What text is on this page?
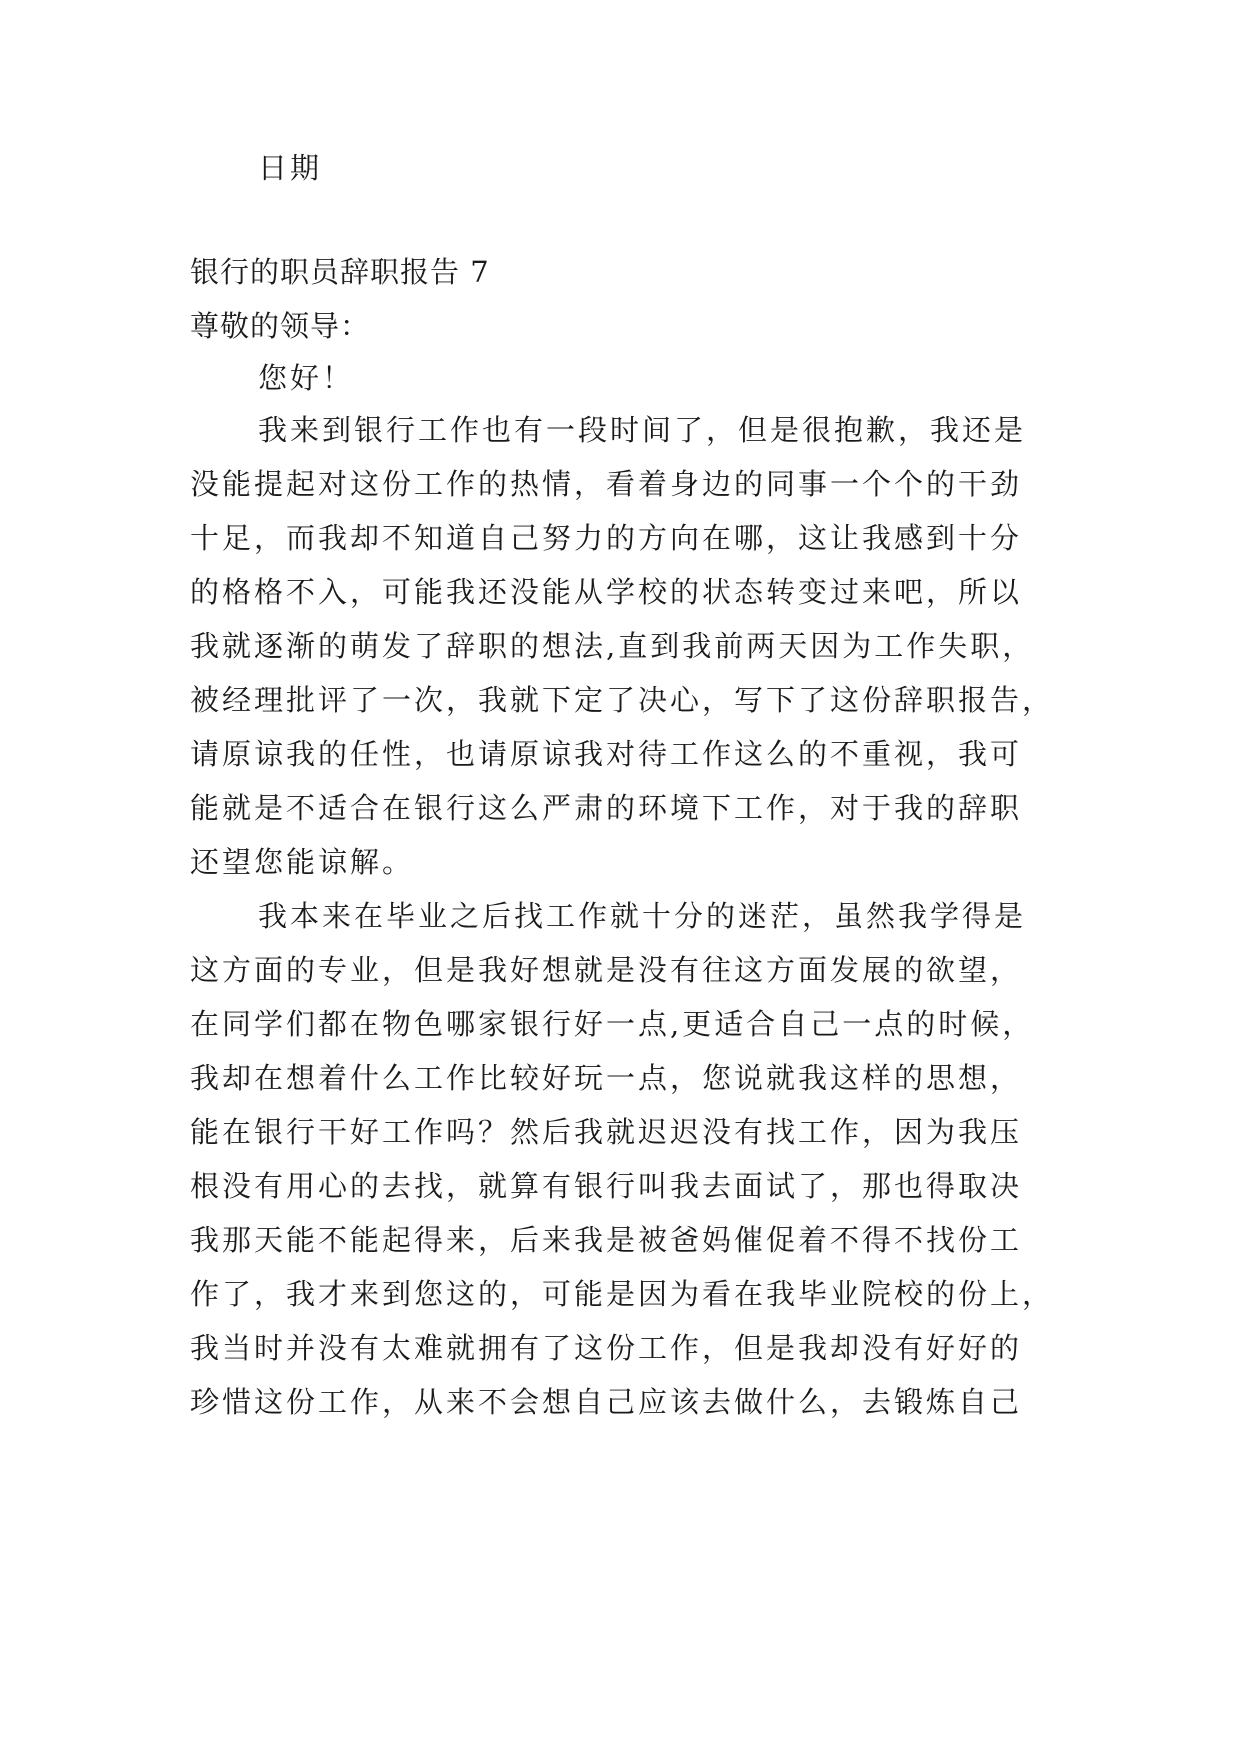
日期
银行的职员辞职报告 7
尊敬的领导：
您好！
我来到银行工作也有一段时间了，但是很抱歉，我还是
没能提起对这份工作的热情，看着身边的同事一个个的干劲
十足，而我却不知道自己努力的方向在哪，这让我感到十分
的格格不入，可能我还没能从学校的状态转变过来吧，所以
我就逐渐的萌发了辞职的想法,直到我前两天因为工作失职，
被经理批评了一次，我就下定了决心，写下了这份辞职报告，
请原谅我的任性，也请原谅我对待工作这么的不重视，我可
能就是不适合在银行这么严肃的环境下工作，对于我的辞职
还望您能谅解。
我本来在毕业之后找工作就十分的迷茫，虽然我学得是
这方面的专业，但是我好想就是没有往这方面发展的欲望，
在同学们都在物色哪家银行好一点,更适合自己一点的时候，
我却在想着什么工作比较好玩一点，您说就我这样的思想，
能在银行干好工作吗？然后我就迟迟没有找工作，因为我压
根没有用心的去找，就算有银行叫我去面试了，那也得取决
我那天能不能起得来，后来我是被爸妈催促着不得不找份工
作了，我才来到您这的，可能是因为看在我毕业院校的份上，
我当时并没有太难就拥有了这份工作，但是我却没有好好的
珍惜这份工作，从来不会想自己应该去做什么，去锻炼自己
